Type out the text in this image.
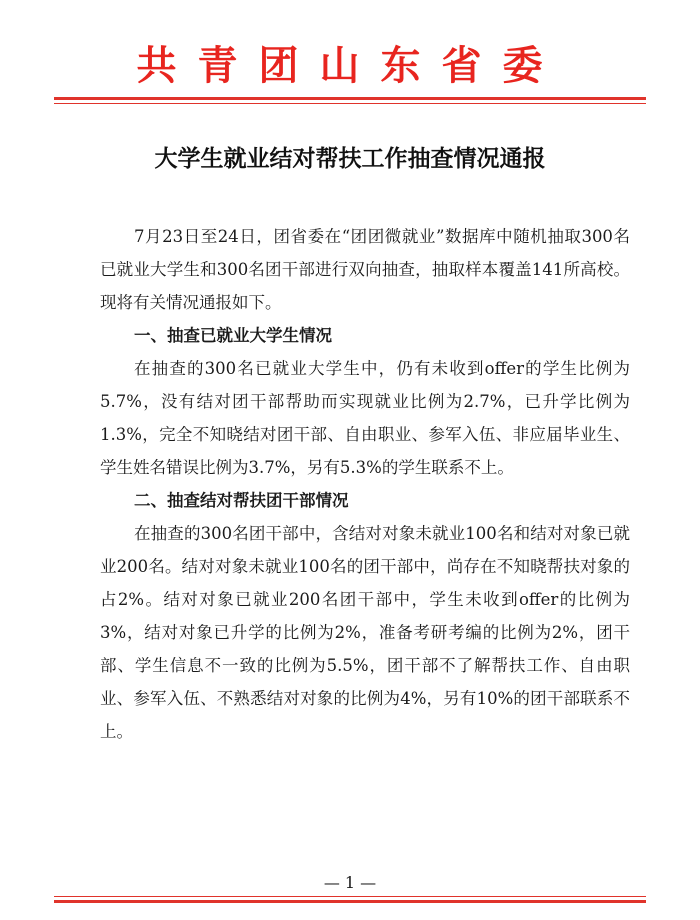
共青团山东省委
大学生就业结对帮扶工作抽查情况通报

7月23日至24日，团省委在“团团微就业”数据库中随机抽取300名已就业大学生和300名团干部进行双向抽查，抽取样本覆盖141所高校。现将有关情况通报如下。

一、抽查已就业大学生情况

在抽查的300名已就业大学生中，仍有未收到offer的学生比例为5.7%，没有结对团干部帮助而实现就业比例为2.7%，已升学比例为1.3%，完全不知晓结对团干部、自由职业、参军入伍、非应届毕业生、学生姓名错误比例为3.7%，另有5.3%的学生联系不上。

二、抽查结对帮扶团干部情况

在抽查的300名团干部中，含结对对象未就业100名和结对对象已就业200名。结对对象未就业100名的团干部中，尚存在不知晓帮扶对象的占2%。结对对象已就业200名团干部中，学生未收到offer的比例为3%，结对对象已升学的比例为2%，准备考研考编的比例为2%，团干部、学生信息不一致的比例为5.5%，团干部不了解帮扶工作、自由职业、参军入伍、不熟悉结对对象的比例为4%，另有10%的团干部联系不上。

— 1 —
